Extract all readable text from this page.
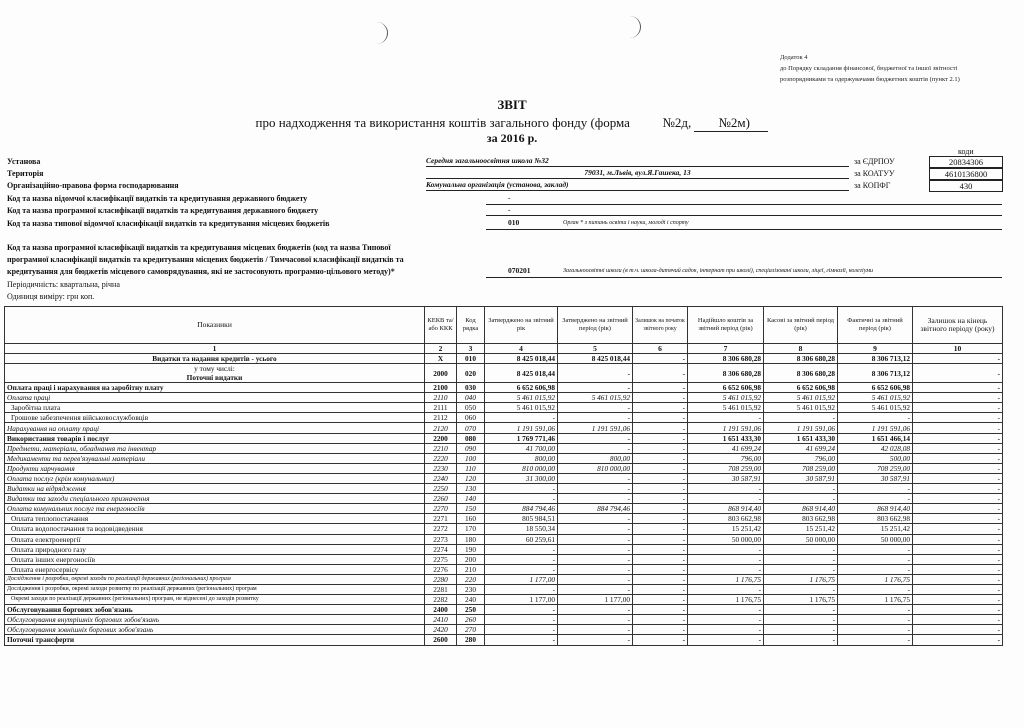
Додаток 4
до Порядку складання фінансової, бюджетної та іншої звітності
розпорядниками та одержувачами бюджетних коштів (пункт 2.1)
ЗВІТ
про надходження та використання коштів загального фонду (форма	№2д, №2м)
за 2016 р.
коди
Установа	Середня загальноосвітня школа №32	за ЄДРПОУ	20834306
Територія	79031, м.Львів, вул.Я.Гашека, 13	за КОАТУУ	4610136800
Організаційно-правова форма господарювання	Комунальна організація (установа, заклад)	за КОПФГ	430
Код та назва відомчої класифікації видатків та кредитування державного бюджету	-
Код та назва програмної класифікації видатків та кредитування державного бюджету	-
Код та назва типової відомчої класифікації видатків та кредитування місцевих бюджетів	010	Орган * з питань освіти і науки, молоді і спорту
Код та назва програмної класифікації видатків та кредитування місцевих бюджетів (код та назва Типової
програмної класифікації видатків та кредитування місцевих бюджетів / Тимчасової класифікації видатків та
кредитування для бюджетів місцевого самоврядування, які не застосовують програмно-цільового методу)*	070201	Загальноосвітні школи (в т.ч. школа-дитячий садок, інтернат при школі), спеціалізовані школи, ліцеї, гімназії, колегіуми
Періодичність: квартальна, річна
Одиниця виміру: грн коп.
Показники	КЕКВ та/або ККК	Код рядка	Затверджено на звітний рік	Затверджено на звітний період (рік)	Залишок на початок звітного року	Надійшло коштів за звітний період (рік)	Касові за звітний період (рік)	Фактичні за звітний період (рік)	Залишок на кінець звітного періоду (року)
1	2	3	4	5	6	7	8	9	10
Видатки та надання кредитів - усього	X	010	8 425 018,44	8 425 018,44	-	8 306 680,28	8 306 680,28	8 306 713,12	-

у тому числі:
Поточні видатки	2000	020	8 425 018,44	-	-	8 306 680,28	8 306 680,28	8 306 713,12	-
Оплата праці і нарахування на заробітну плату	2100	030	6 652 606,98	-	-	6 652 606,98	6 652 606,98	6 652 606,98	-
Оплата праці	2110	040	5 461 015,92	5 461 015,92	-	5 461 015,92	5 461 015,92	5 461 015,92	-
Заробітна плата	2111	050	5 461 015,92	-	-	5 461 015,92	5 461 015,92	5 461 015,92	-
Грошове забезпечення військовослужбовців	2112	060	-	-	-	-	-	-	-
Нарахування на оплату праці	2120	070	1 191 591,06	1 191 591,06	-	1 191 591,06	1 191 591,06	1 191 591,06	-
Використання товарів і послуг	2200	080	1 769 771,46	-	-	1 651 433,30	1 651 433,30	1 651 466,14	-
Предмети, матеріали, обладнання та інвентар	2210	090	41 700,00	-	-	41 699,24	41 699,24	42 028,08	-
Медикаменти та перев'язувальні матеріали	2220	100	800,00	800,00	-	796,00	796,00	500,00	-
Продукти харчування	2230	110	810 000,00	810 000,00	-	708 259,00	708 259,00	708 259,00	-
Оплата послуг (крім комунальних)	2240	120	31 300,00	-	-	30 587,91	30 587,91	30 587,91	-
Видатки на відрядження	2250	130	-	-	-	-	-	-	-
Видатки та заходи спеціального призначення	2260	140	-	-	-	-	-	-	-
Оплата комунальних послуг та енергоносіїв	2270	150	884 794,46	884 794,46	-	868 914,40	868 914,40	868 914,40	-
Оплата теплопостачання	2271	160	805 984,51	-	-	803 662,98	803 662,98	803 662,98	-
Оплата водопостачання та водовідведення	2272	170	18 550,34	-	-	15 251,42	15 251,42	15 251,42	-
Оплата електроенергії	2273	180	60 259,61	-	-	50 000,00	50 000,00	50 000,00	-
Оплата природного газу	2274	190	-	-	-	-	-	-	-
Оплата інших енергоносіїв	2275	200	-	-	-	-	-	-	-
Оплата енергосервісу	2276	210	-	-	-	-	-	-	-
Дослідження і розробки, окремі заходи по реалізації державних (регіональних) програм	2280	220	1 177,00	-	-	1 176,75	1 176,75	1 176,75	-
Дослідження і розробки, окремі заходи розвитку по реалізації державних (регіональних) програм	2281	230	-	-	-	-	-	-	-
Окремі заходи по реалізації державних (регіональних) програм, не віднесені до заходів розвитку	2282	240	1 177,00	1 177,00	-	1 176,75	1 176,75	1 176,75	-
Обслуговування боргових зобов'язань	2400	250	-	-	-	-	-	-	-
Обслуговування внутрішніх боргових зобов'язань	2410	260	-	-	-	-	-	-	-
Обслуговування зовнішніх боргових зобов'язань	2420	270	-	-	-	-	-	-	-
Поточні трансферти	2600	280	-	-	-	-	-	-	-
